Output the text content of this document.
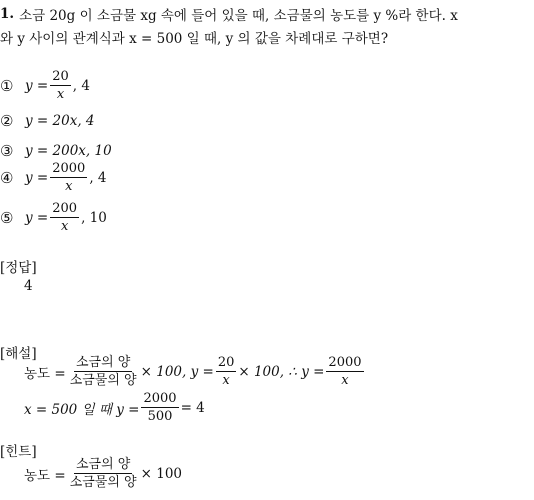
1. 소금 20g 이 소금물 xg 속에 들어 있을 때, 소금물의 농도를 y %라 한다. x
와 y 사이의 관계식과 x = 500 일 때, y 의 값을 차례대로 구하면?
① $y = \frac{20}{x}$ , 4
② y = 20x, 4
③ y = 200x, 10
④ $y = \frac{2000}{x}$ , 4
⑤ $y = \frac{200}{x}$ , 10
[정답]
4
[해설]
농도 = $\frac{\text{소금의 양}}{\text{소금물의 양}} \times 100$, $y = \frac{20}{x} \times 100$, ∴ $y = \frac{2000}{x}$
x = 500 일 때 $y = \frac{2000}{500} = 4$
[힌트]
농도 = $\frac{\text{소금의 양}}{\text{소금물의 양}} \times 100$
